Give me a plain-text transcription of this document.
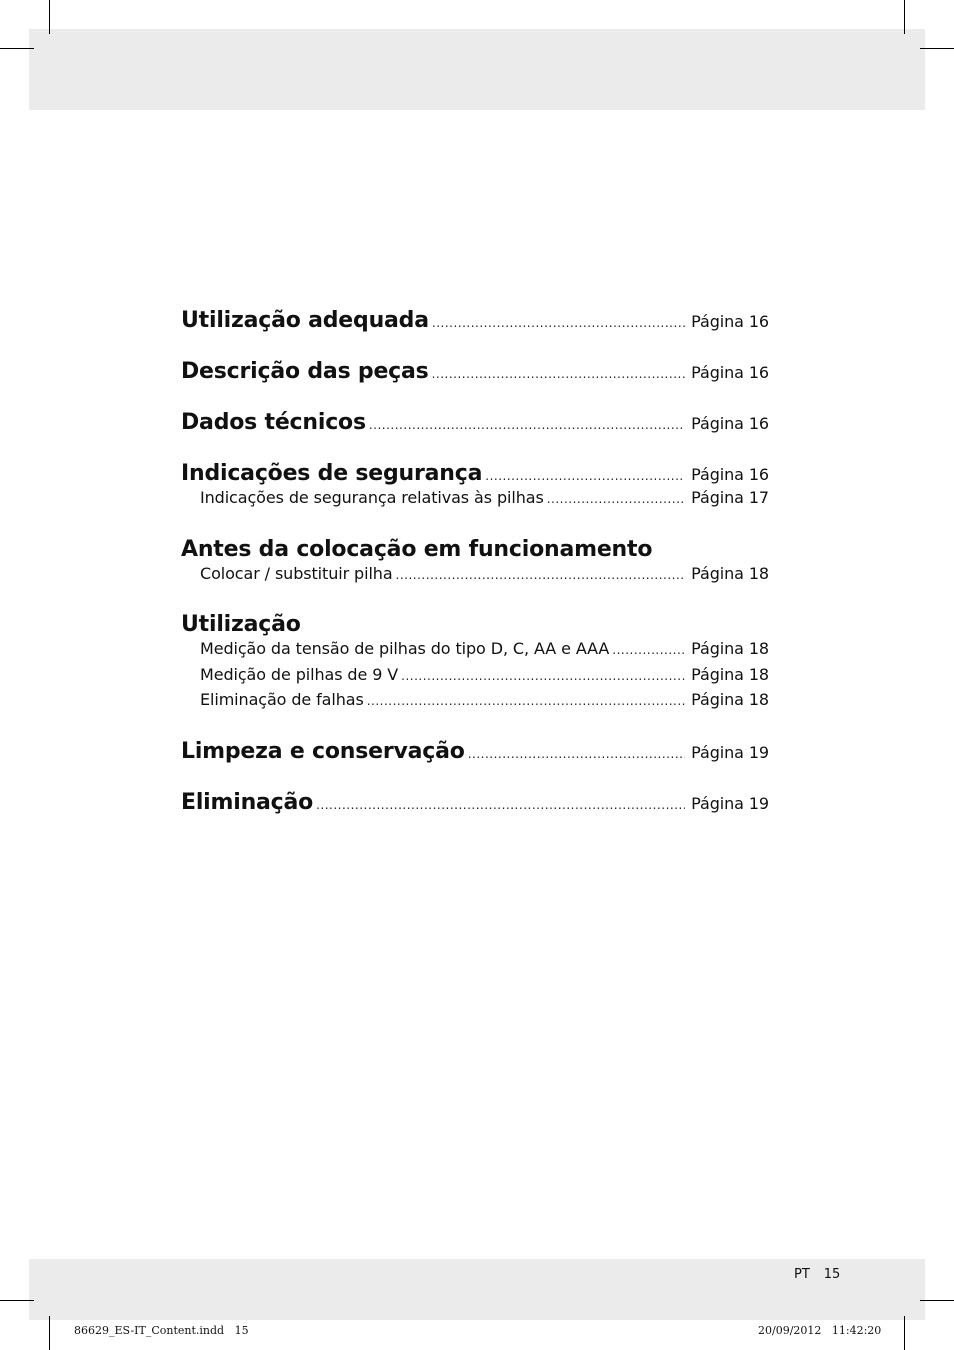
Utilização adequada .....	Página 16
Descrição das peças .....	Página 16
Dados técnicos .....	Página 16
Indicações de segurança .....	Página 16
Indicações de segurança relativas às pilhas .....	Página 17
Antes da colocação em funcionamento
Colocar / substituir pilha .....	Página 18
Utilização
Medição da tensão de pilhas do tipo D, C, AA e AAA .....	Página 18
Medição de pilhas de 9 V .....	Página 18
Eliminação de falhas .....	Página 18
Limpeza e conservação .....	Página 19
Eliminação .....	Página 19
PT 15
86629_ES-IT_Content.indd   15	20/09/2012   11:42:20
